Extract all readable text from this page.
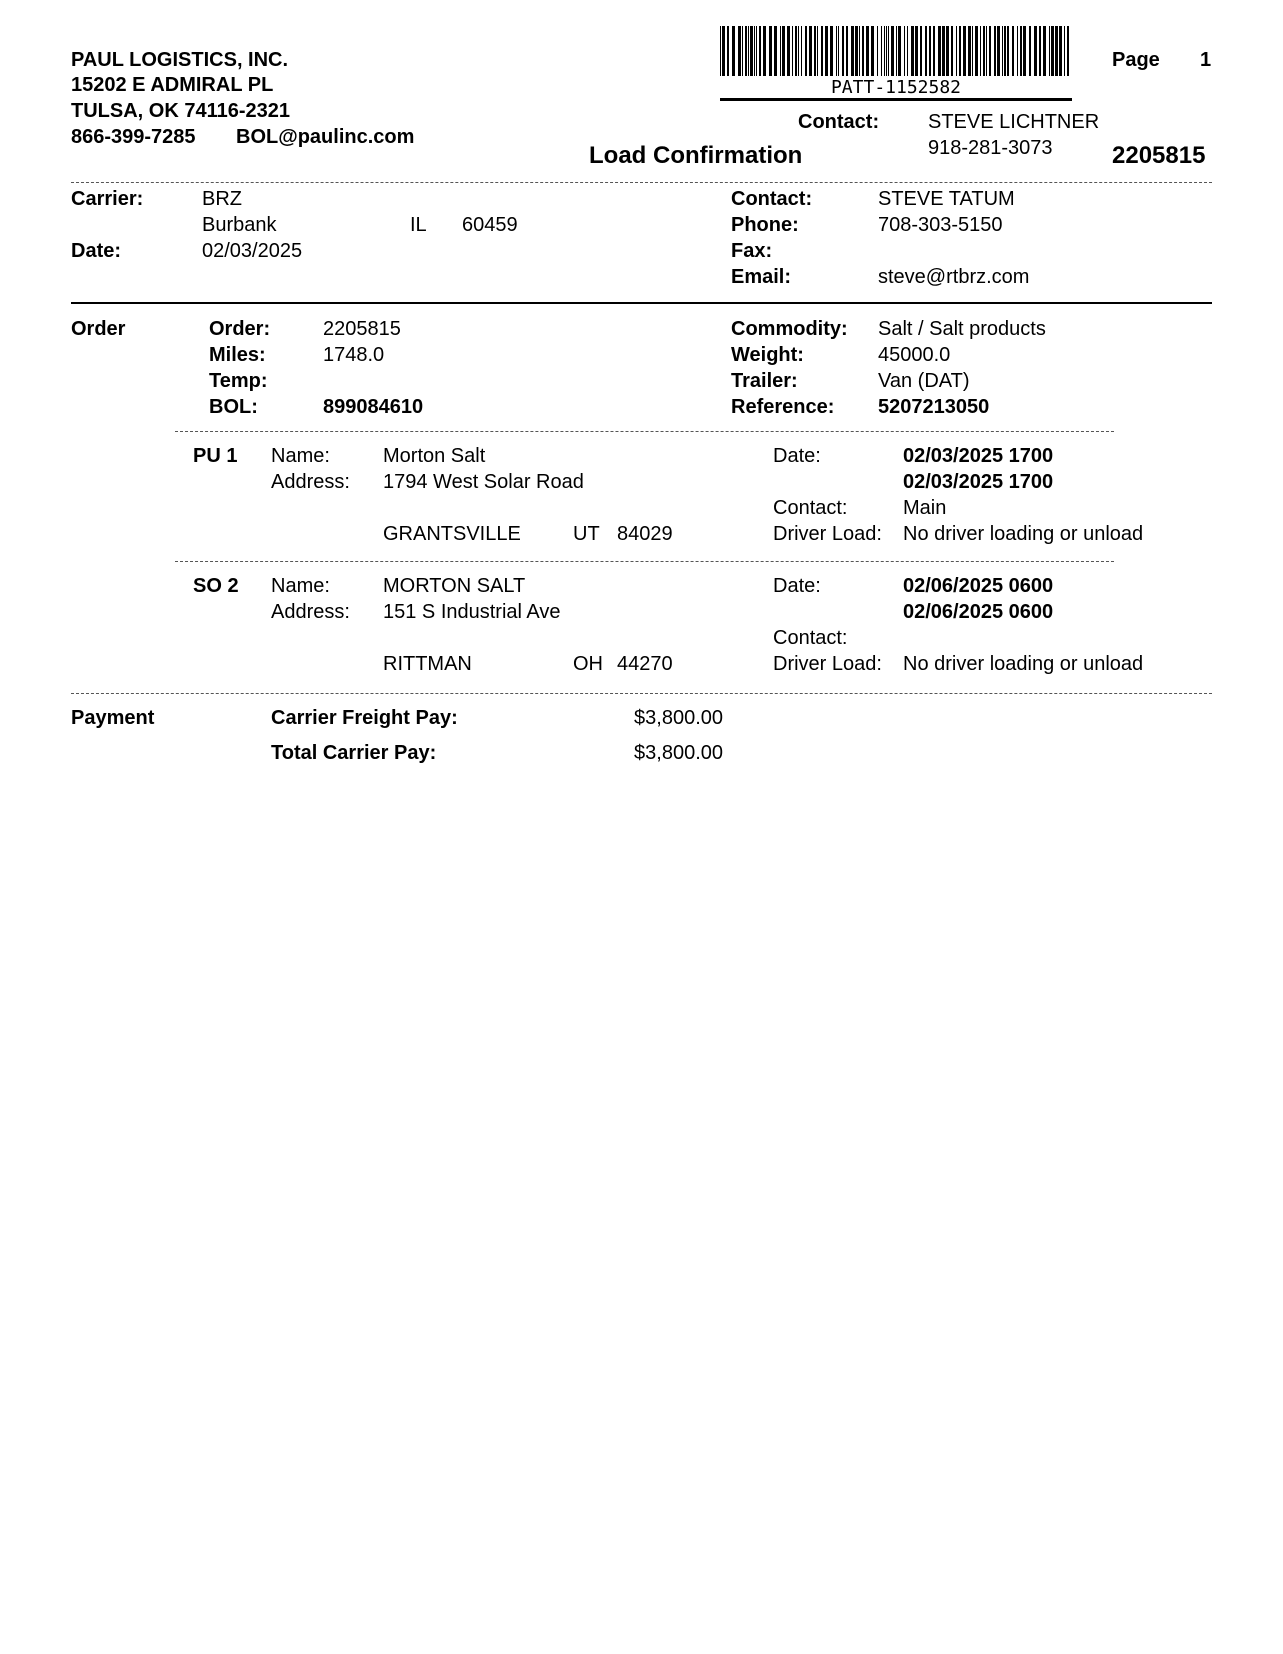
PAUL LOGISTICS, INC.
15202 E ADMIRAL PL
TULSA, OK 74116-2321
866-399-7285 BOL@paulinc.com
PATT-1152582
Page 1
Contact: STEVE LICHTNER
918-281-3073
Load Confirmation	2205815
Carrier:	BRZ
Burbank	IL 60459
Date:	02/03/2025
Contact:	STEVE TATUM
Phone:	708-303-5150
Fax:
Email:	steve@rtbrz.com
Order	Order:	2205815
Miles:	1748.0
Temp:
BOL:	899084610
Commodity: Salt / Salt products
Weight:	45000.0
Trailer:	Van (DAT)
Reference: 5207213050
PU 1 Name:	Morton Salt
Address: 1794 West Solar Road
GRANTSVILLE	UT 84029
Date:	02/03/2025 1700
02/03/2025 1700
Contact:	Main
Driver Load: No driver loading or unload
SO 2 Name:	MORTON SALT
Address: 151 S Industrial Ave
RITTMAN	OH 44270
Date:	02/06/2025 0600
02/06/2025 0600
Contact:
Driver Load: No driver loading or unload
Payment	Carrier Freight Pay:	$3,800.00
Total Carrier Pay:	$3,800.00
